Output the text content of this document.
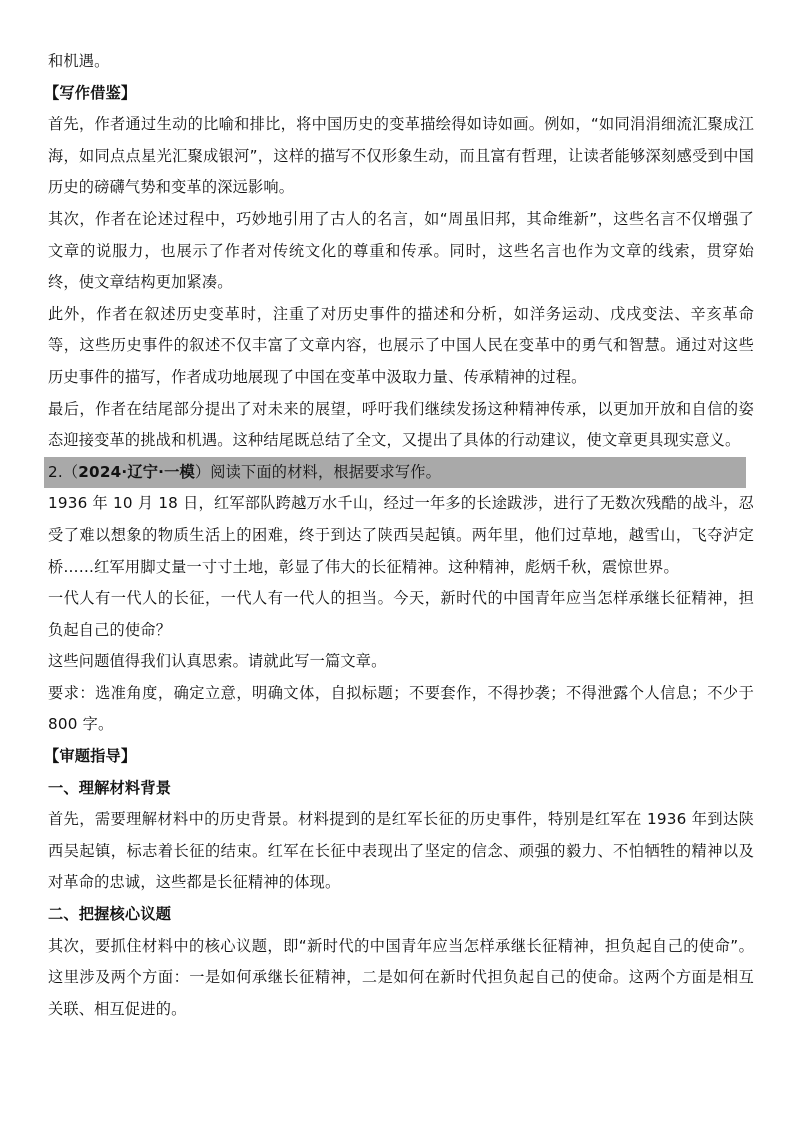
和机遇。

【写作借鉴】

首先，作者通过生动的比喻和排比，将中国历史的变革描绘得如诗如画。例如，“如同涓涓细流汇聚成江海，如同点点星光汇聚成银河”，这样的描写不仅形象生动，而且富有哲理，让读者能够深刻感受到中国历史的磅礴气势和变革的深远影响。

其次，作者在论述过程中，巧妙地引用了古人的名言，如“周虽旧邦，其命维新”，这些名言不仅增强了文章的说服力，也展示了作者对传统文化的尊重和传承。同时，这些名言也作为文章的线索，贯穿始终，使文章结构更加紧凑。

此外，作者在叙述历史变革时，注重了对历史事件的描述和分析，如洋务运动、戊戌变法、辛亥革命等，这些历史事件的叙述不仅丰富了文章内容，也展示了中国人民在变革中的勇气和智慧。通过对这些历史事件的描写，作者成功地展现了中国在变革中汲取力量、传承精神的过程。

最后，作者在结尾部分提出了对未来的展望，呼吁我们继续发扬这种精神传承，以更加开放和自信的姿态迎接变革的挑战和机遇。这种结尾既总结了全文，又提出了具体的行动建议，使文章更具现实意义。

2.（2024·辽宁·一模）阅读下面的材料，根据要求写作。

1936 年 10 月 18 日，红军部队跨越万水千山，经过一年多的长途跋涉，进行了无数次残酷的战斗，忍受了难以想象的物质生活上的困难，终于到达了陕西吴起镇。两年里，他们过草地，越雪山，飞夺泸定桥……红军用脚丈量一寸寸土地，彰显了伟大的长征精神。这种精神，彪炳千秋，震惊世界。

一代人有一代人的长征，一代人有一代人的担当。今天，新时代的中国青年应当怎样承继长征精神，担负起自己的使命？

这些问题值得我们认真思索。请就此写一篇文章。

要求：选准角度，确定立意，明确文体，自拟标题；不要套作，不得抄袭；不得泄露个人信息；不少于 800 字。

【审题指导】

一、理解材料背景

首先，需要理解材料中的历史背景。材料提到的是红军长征的历史事件，特别是红军在 1936 年到达陕西吴起镇，标志着长征的结束。红军在长征中表现出了坚定的信念、顽强的毅力、不怕牺牲的精神以及对革命的忠诚，这些都是长征精神的体现。

二、把握核心议题

其次，要抓住材料中的核心议题，即“新时代的中国青年应当怎样承继长征精神，担负起自己的使命”。这里涉及两个方面：一是如何承继长征精神，二是如何在新时代担负起自己的使命。这两个方面是相互关联、相互促进的。
